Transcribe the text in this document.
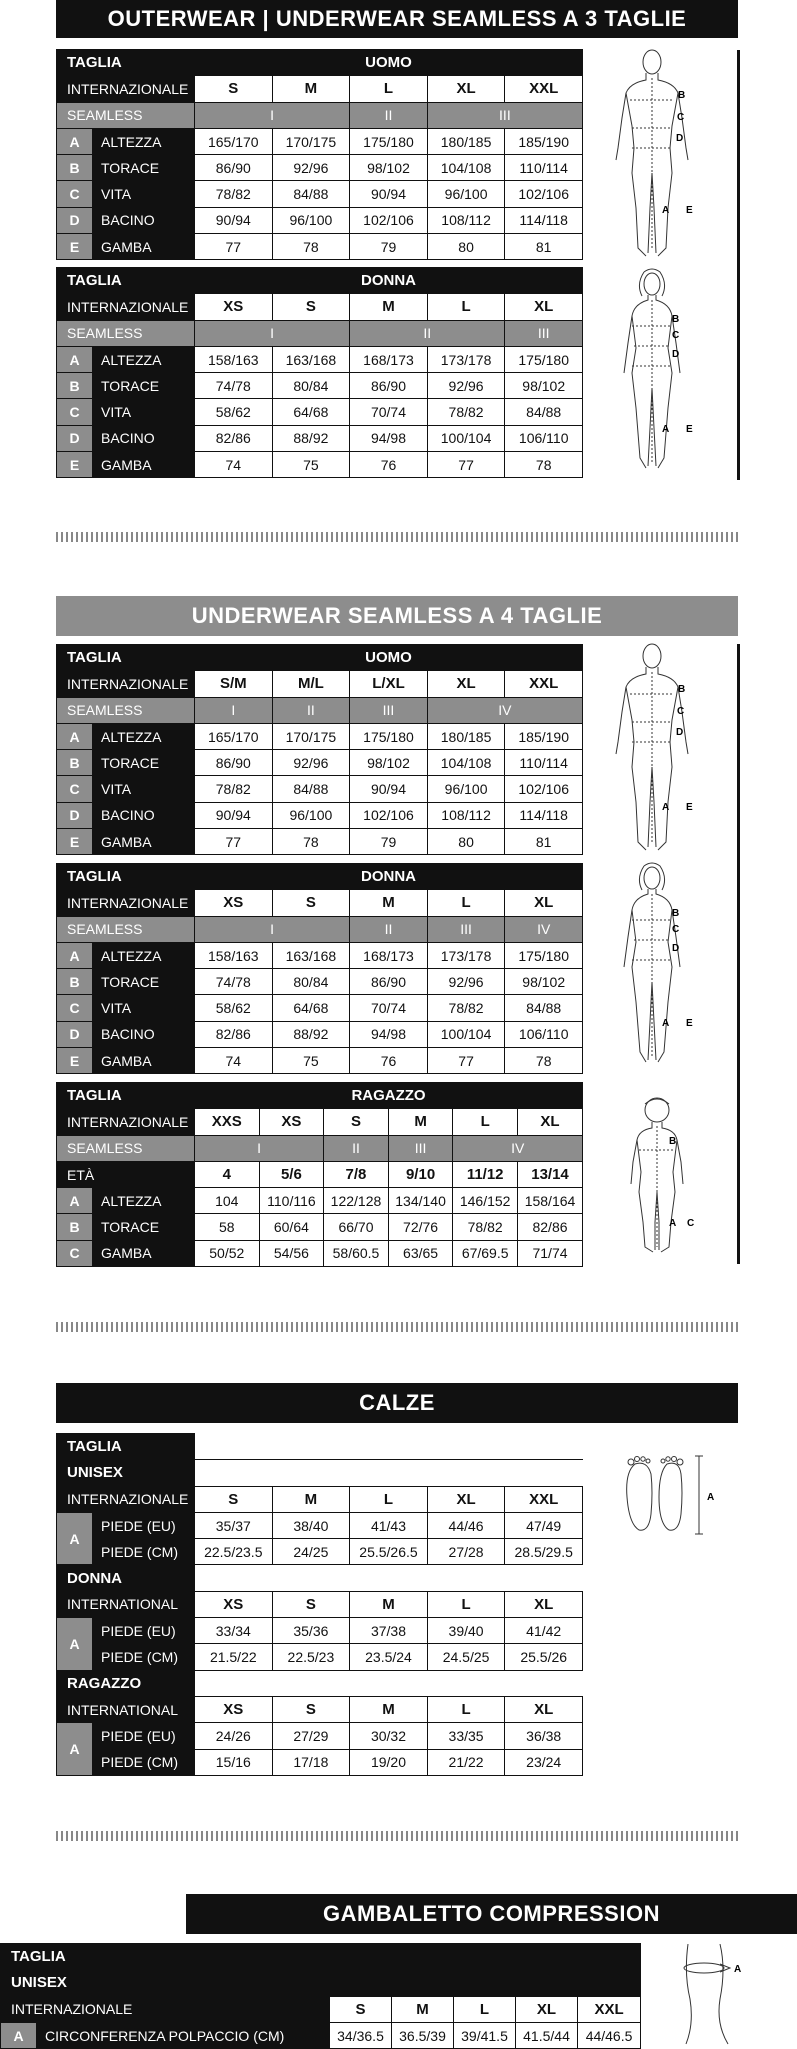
OUTERWEAR | UNDERWEAR SEAMLESS A 3 TAGLIE
TAGLIA		UOMO				
INTERNAZIONALE		S	M	L	XL	XXL
SEAMLESS		I		II	III	
A	ALTEZZA	165/170	170/175	175/180	180/185	185/190
B	TORACE	86/90	92/96	98/102	104/108	110/114
C	VITA	78/82	84/88	90/94	96/100	102/106
D	BACINO	90/94	96/100	102/106	108/112	114/118
E	GAMBA	77	78	79	80	81
TAGLIA		DONNA				
INTERNAZIONALE		XS	S	M	L	XL
SEAMLESS		I		II		III
A	ALTEZZA	158/163	163/168	168/173	173/178	175/180
B	TORACE	74/78	80/84	86/90	92/96	98/102
C	VITA	58/62	64/68	70/74	78/82	84/88
D	BACINO	82/86	88/92	94/98	100/104	106/110
E	GAMBA	74	75	76	77	78
B
C
D
A E
B
C
D
A E
UNDERWEAR SEAMLESS A 4 TAGLIE
TAGLIA		UOMO				
INTERNAZIONALE		S/M	M/L	L/XL	XL	XXL
SEAMLESS		I	II	III	IV	
A	ALTEZZA	165/170	170/175	175/180	180/185	185/190
B	TORACE	86/90	92/96	98/102	104/108	110/114
C	VITA	78/82	84/88	90/94	96/100	102/106
D	BACINO	90/94	96/100	102/106	108/112	114/118
E	GAMBA	77	78	79	80	81
TAGLIA		DONNA				
INTERNAZIONALE		XS	S	M	L	XL
SEAMLESS		I		II	III	IV
A	ALTEZZA	158/163	163/168	168/173	173/178	175/180
B	TORACE	74/78	80/84	86/90	92/96	98/102
C	VITA	58/62	64/68	70/74	78/82	84/88
D	BACINO	82/86	88/92	94/98	100/104	106/110
E	GAMBA	74	75	76	77	78
TAGLIA		RAGAZZO					
INTERNAZIONALE		XXS	XS	S	M	L	XL
SEAMLESS		I		II	III	IV	
ETÀ		4	5/6	7/8	9/10	11/12	13/14
A	ALTEZZA	104	110/116	122/128	134/140	146/152	158/164
B	TORACE	58	60/64	66/70	72/76	78/82	82/86
C	GAMBA	50/52	54/56	58/60.5	63/65	67/69.5	71/74
B
C
D
A E
B
C
D
A E
B
A C
CALZE
TAGLIA						
UNISEX						
INTERNAZIONALE		S	M	L	XL	XXL
A	PIEDE (EU)	35/37	38/40	41/43	44/46	47/49
	PIEDE (CM)	22.5/23.5	24/25	25.5/26.5	27/28	28.5/29.5
DONNA						
INTERNATIONAL		XS	S	M	L	XL
A	PIEDE (EU)	33/34	35/36	37/38	39/40	41/42
	PIEDE (CM)	21.5/22	22.5/23	23.5/24	24.5/25	25.5/26
RAGAZZO						
INTERNATIONAL		XS	S	M	L	XL
A	PIEDE (EU)	24/26	27/29	30/32	33/35	36/38
	PIEDE (CM)	15/16	17/18	19/20	21/22	23/24
A
GAMBALETTO COMPRESSION
TAGLIA						
UNISEX						
INTERNAZIONALE		S	M	L	XL	XXL
A	CIRCONFERENZA POLPACCIO (CM)	34/36.5	36.5/39	39/41.5	41.5/44	44/46.5
A
